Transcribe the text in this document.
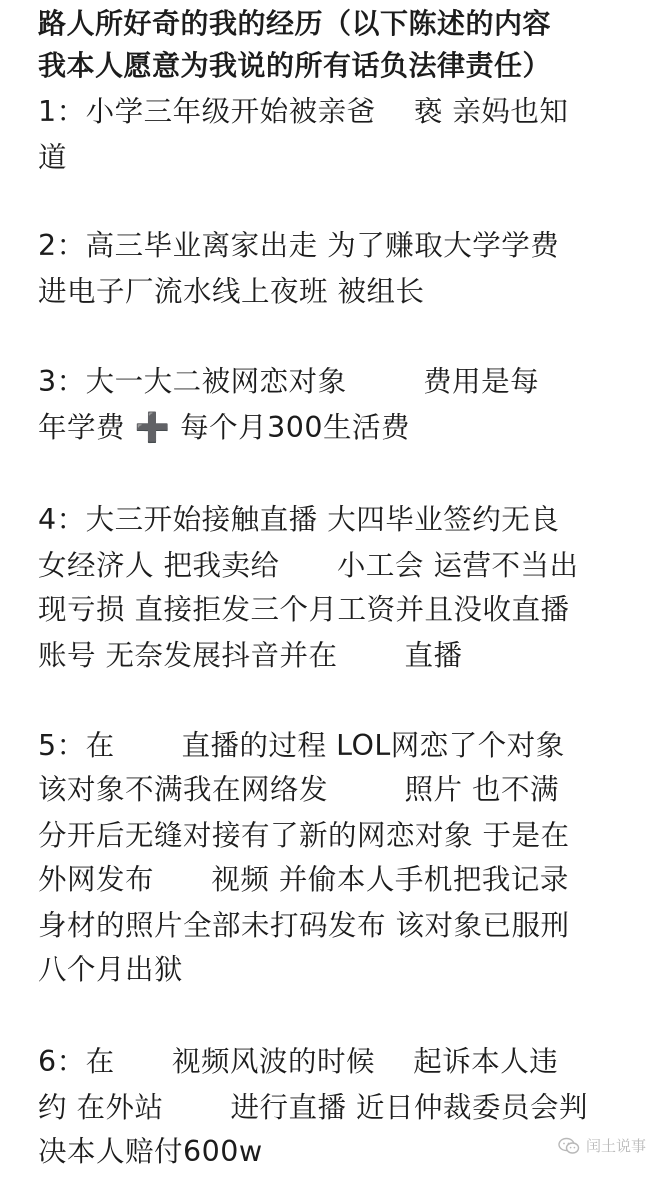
路人所好奇的我的经历（以下陈述的内容
我本人愿意为我说的所有话负法律责任）
1：小学三年级开始被亲爸    亵 亲妈也知
道
2：高三毕业离家出走 为了赚取大学学费
进电子厂流水线上夜班 被组长
3：大一大二被网恋对象        费用是每
年学费 ➕ 每个月300生活费
4：大三开始接触直播 大四毕业签约无良
女经济人 把我卖给      小工会 运营不当出
现亏损 直接拒发三个月工资并且没收直播
账号 无奈发展抖音并在       直播
5：在       直播的过程 LOL网恋了个对象
该对象不满我在网络发        照片 也不满
分开后无缝对接有了新的网恋对象 于是在
外网发布      视频 并偷本人手机把我记录
身材的照片全部未打码发布 该对象已服刑
八个月出狱
6：在      视频风波的时候    起诉本人违
约 在外站       进行直播 近日仲裁委员会判
决本人赔付600w	闰土说事
